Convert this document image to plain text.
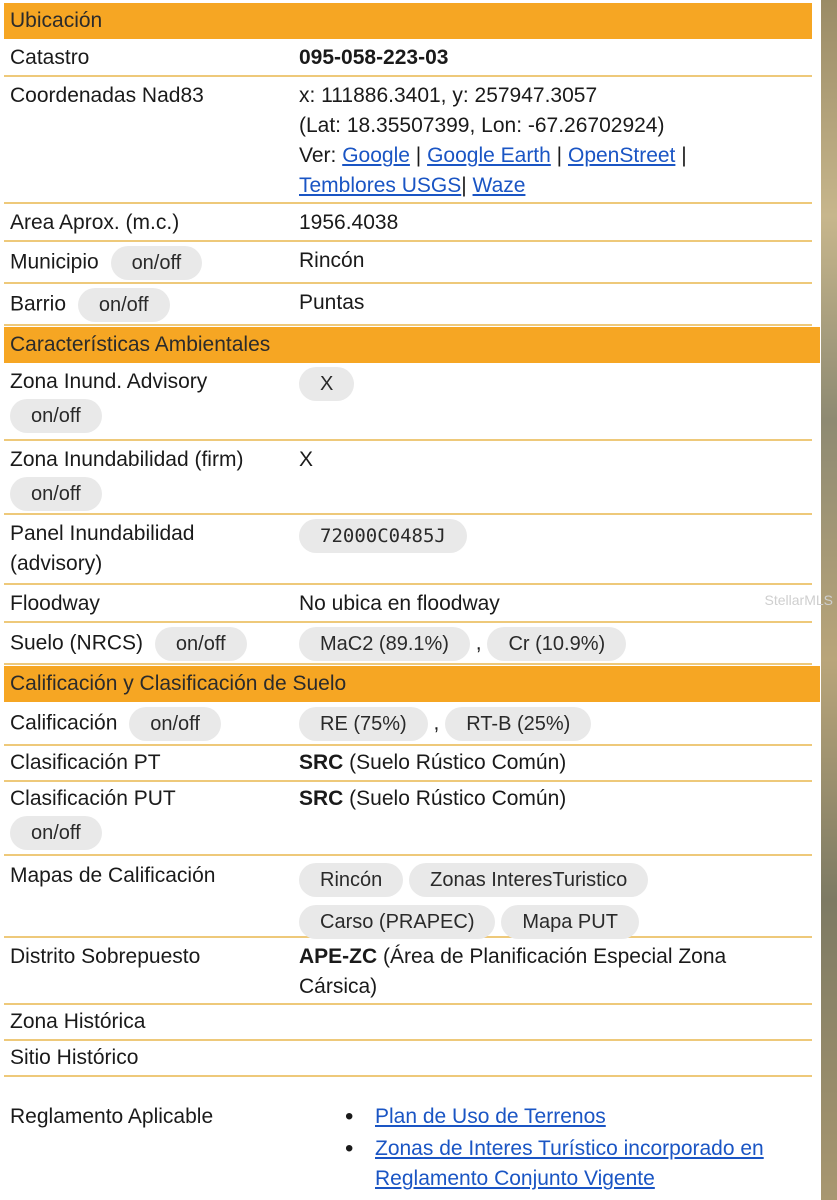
StellarMLS
Ubicación
Catastro	095-058-223-03
Coordenadas Nad83	x: 111886.3401, y: 257947.3057
(Lat: 18.35507399, Lon: -67.26702924)
Ver: Google | Google Earth | OpenStreet |
Temblores USGS| Waze
Area Aprox. (m.c.)	1956.4038
Municipio on/off	Rincón
Barrio on/off	Puntas
Características Ambientales
Zona Inund. Advisory
on/off
X
Zona Inundabilidad (firm)
on/off
X
Panel Inundabilidad
(advisory)
72000C0485J
Floodway	No ubica en floodway
Suelo (NRCS) on/off	MaC2 (89.1%) , Cr (10.9%)
Calificación y Clasificación de Suelo
Calificación on/off	RE (75%) , RT-B (25%)
Clasificación PT	SRC (Suelo Rústico Común)
Clasificación PUT
on/off
SRC (Suelo Rústico Común)
Mapas de Calificación	Rincón Zonas InteresTuristico
Carso (PRAPEC) Mapa PUT
Distrito Sobrepuesto	APE-ZC (Área de Planificación Especial Zona
Cársica)
Zona Histórica
Sitio Histórico
Reglamento Aplicable
•	Plan de Uso de Terrenos
• Zonas de Interes Turístico incorporado en Reglamento Conjunto Vigente
